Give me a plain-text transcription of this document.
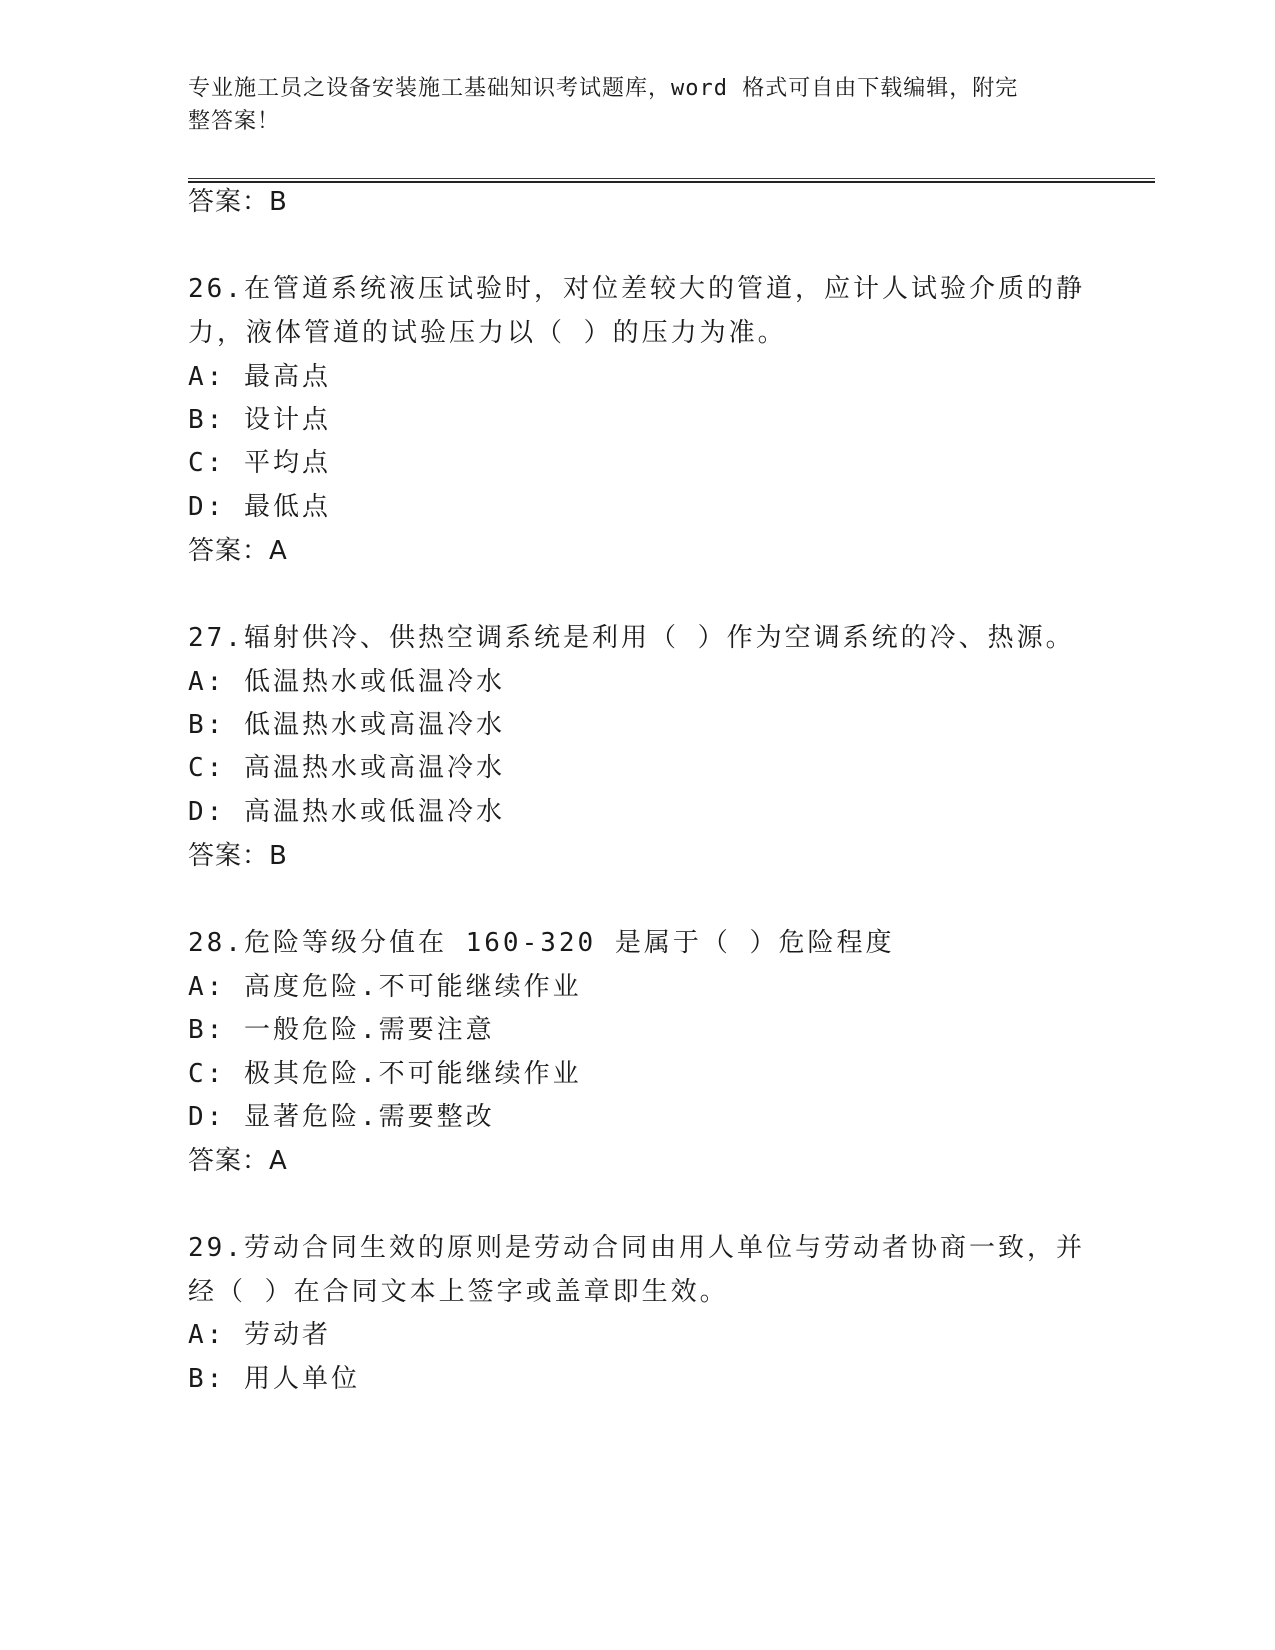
专业施工员之设备安装施工基础知识考试题库，word 格式可自由下载编辑，附完
整答案！
答案：B
26.在管道系统液压试验时，对位差较大的管道，应计人试验介质的静
力，液体管道的试验压力以（ ）的压力为准。
A: 最高点
B: 设计点
C: 平均点
D: 最低点
答案：A
27.辐射供冷、供热空调系统是利用（ ）作为空调系统的冷、热源。
A: 低温热水或低温冷水
B: 低温热水或高温冷水
C: 高温热水或高温冷水
D: 高温热水或低温冷水
答案：B
28.危险等级分值在 160-320 是属于（ ）危险程度
A: 高度危险.不可能继续作业
B: 一般危险.需要注意
C: 极其危险.不可能继续作业
D: 显著危险.需要整改
答案：A
29.劳动合同生效的原则是劳动合同由用人单位与劳动者协商一致，并
经（ ）在合同文本上签字或盖章即生效。
A: 劳动者
B: 用人单位
